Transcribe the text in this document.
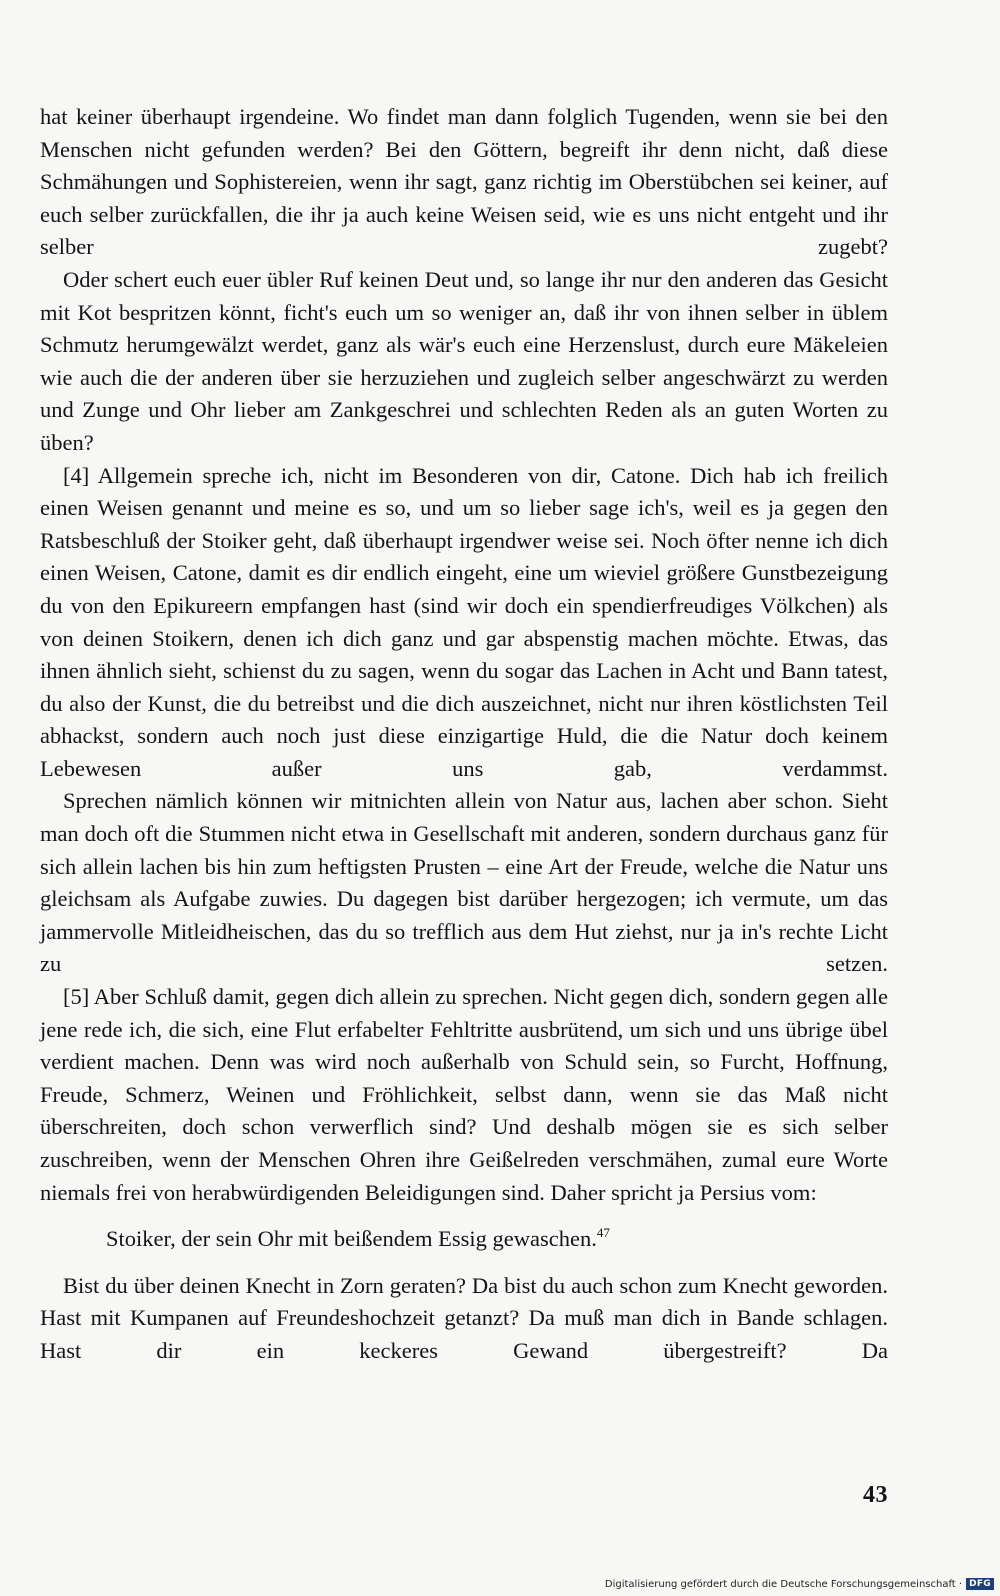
hat keiner überhaupt irgendeine. Wo findet man dann folglich Tugenden, wenn sie bei den Menschen nicht gefunden werden? Bei den Göttern, begreift ihr denn nicht, daß diese Schmähungen und Sophistereien, wenn ihr sagt, ganz richtig im Oberstübchen sei keiner, auf euch selber zurückfallen, die ihr ja auch keine Weisen seid, wie es uns nicht entgeht und ihr selber zugebt?

Oder schert euch euer übler Ruf keinen Deut und, so lange ihr nur den anderen das Gesicht mit Kot bespritzen könnt, ficht's euch um so weniger an, daß ihr von ihnen selber in üblem Schmutz herumgewälzt werdet, ganz als wär's euch eine Herzenslust, durch eure Mäkeleien wie auch die der anderen über sie herzuziehen und zugleich selber angeschwärzt zu werden und Zunge und Ohr lieber am Zankgeschrei und schlechten Reden als an guten Worten zu üben?

[4] Allgemein spreche ich, nicht im Besonderen von dir, Catone. Dich hab ich freilich einen Weisen genannt und meine es so, und um so lieber sage ich's, weil es ja gegen den Ratsbeschluß der Stoiker geht, daß überhaupt irgendwer weise sei. Noch öfter nenne ich dich einen Weisen, Catone, damit es dir endlich eingeht, eine um wieviel größere Gunstbezeigung du von den Epikureern empfangen hast (sind wir doch ein spendierfreudiges Völkchen) als von deinen Stoikern, denen ich dich ganz und gar abspenstig machen möchte. Etwas, das ihnen ähnlich sieht, schienst du zu sagen, wenn du sogar das Lachen in Acht und Bann tatest, du also der Kunst, die du betreibst und die dich auszeichnet, nicht nur ihren köstlichsten Teil abhackst, sondern auch noch just diese einzigartige Huld, die die Natur doch keinem Lebewesen außer uns gab, verdammst.

Sprechen nämlich können wir mitnichten allein von Natur aus, lachen aber schon. Sieht man doch oft die Stummen nicht etwa in Gesellschaft mit anderen, sondern durchaus ganz für sich allein lachen bis hin zum heftigsten Prusten – eine Art der Freude, welche die Natur uns gleichsam als Aufgabe zuwies. Du dagegen bist darüber hergezogen; ich vermute, um das jammervolle Mitleidheischen, das du so trefflich aus dem Hut ziehst, nur ja in's rechte Licht zu setzen.

[5] Aber Schluß damit, gegen dich allein zu sprechen. Nicht gegen dich, sondern gegen alle jene rede ich, die sich, eine Flut erfabelter Fehltritte ausbrütend, um sich und uns übrige übel verdient machen. Denn was wird noch außerhalb von Schuld sein, so Furcht, Hoffnung, Freude, Schmerz, Weinen und Fröhlichkeit, selbst dann, wenn sie das Maß nicht überschreiten, doch schon verwerflich sind? Und deshalb mögen sie es sich selber zuschreiben, wenn der Menschen Ohren ihre Geißelreden verschmähen, zumal eure Worte niemals frei von herabwürdigenden Beleidigungen sind. Daher spricht ja Persius vom:

Stoiker, der sein Ohr mit beißendem Essig gewaschen.$^{47}$

Bist du über deinen Knecht in Zorn geraten? Da bist du auch schon zum Knecht geworden. Hast mit Kumpanen auf Freundeshochzeit getanzt? Da muß man dich in Bande schlagen. Hast dir ein keckeres Gewand übergestreift? Da

43
Digitalisierung gefördert durch die Deutsche Forschungsgemeinschaft · DFG
